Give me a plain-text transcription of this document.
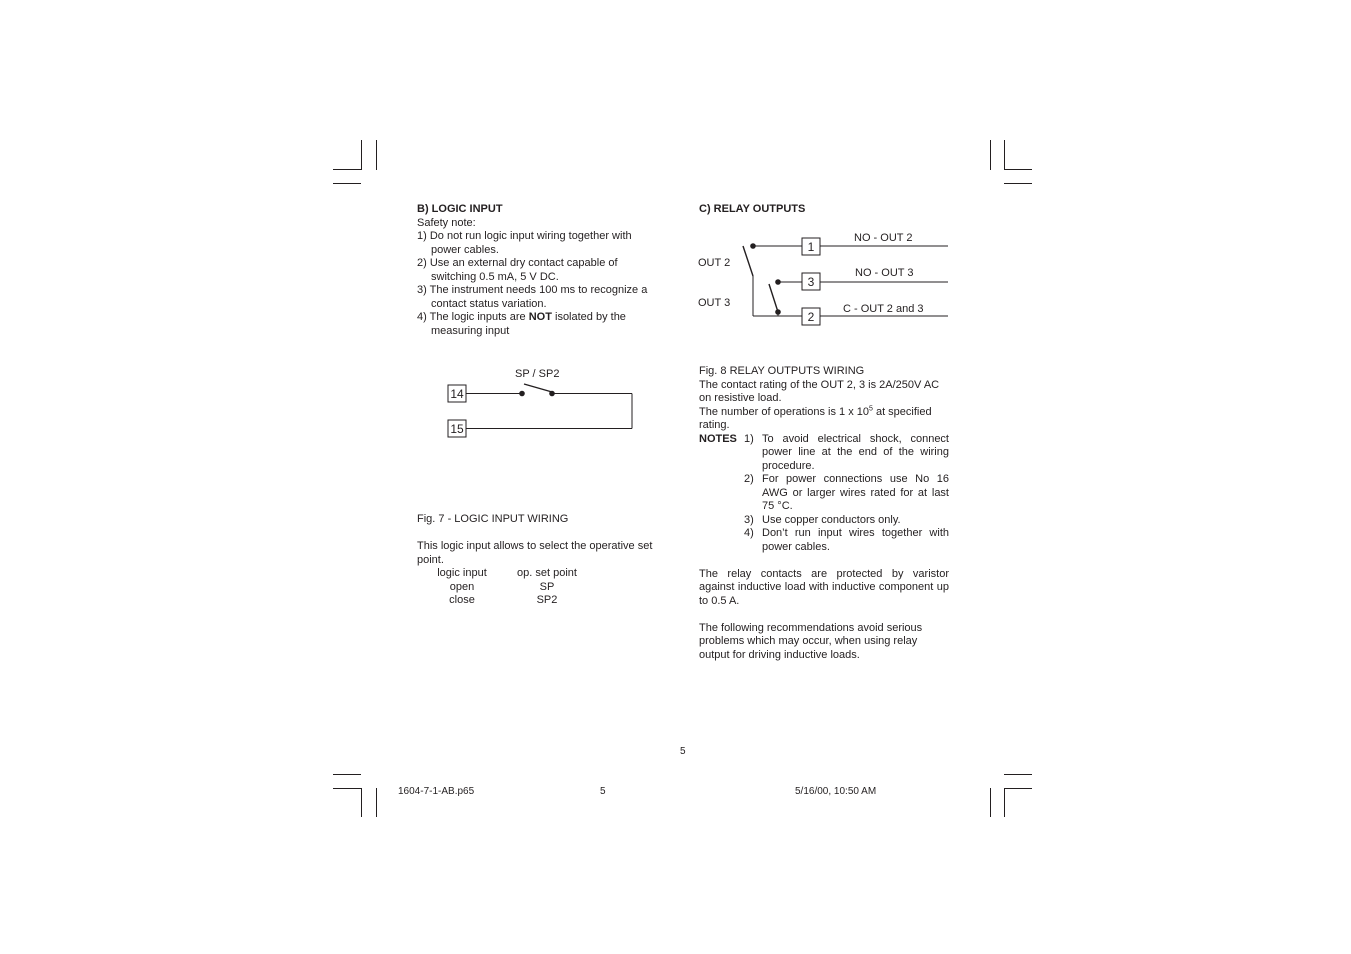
B) LOGIC INPUT
Safety note:
1) Do not run logic input wiring together with power cables.
2) Use an external dry contact capable of switching 0.5 mA, 5 V DC.
3) The instrument needs 100 ms to recognize a contact status variation.
4) The logic inputs are NOT isolated by the measuring input
SP / SP2
14
15
Fig. 7 - LOGIC INPUT WIRING
This logic input allows to select the operative set point.
logic input	op. set point
open	SP
close	SP2
C) RELAY OUTPUTS
OUT 2
OUT 3
1
NO - OUT 2
3
NO - OUT 3
2
C - OUT 2 and 3
Fig. 8 RELAY OUTPUTS WIRING
The contact rating of the OUT 2, 3 is 2A/250V AC on resistive load.
The number of operations is 1 x $10^5$ at specified rating.
NOTES 1) To avoid electrical shock, connect power line at the end of the wiring procedure.
2) For power connections use No 16 AWG or larger wires rated for at last 75 °C.
3) Use copper conductors only.
4) Don’t run input wires together with power cables.
The relay contacts are protected by varistor against inductive load with inductive component up to 0.5 A.
The following recommendations avoid serious problems which may occur, when using relay output for driving inductive loads.
5
1604-7-1-AB.p65	5	5/16/00, 10:50 AM
